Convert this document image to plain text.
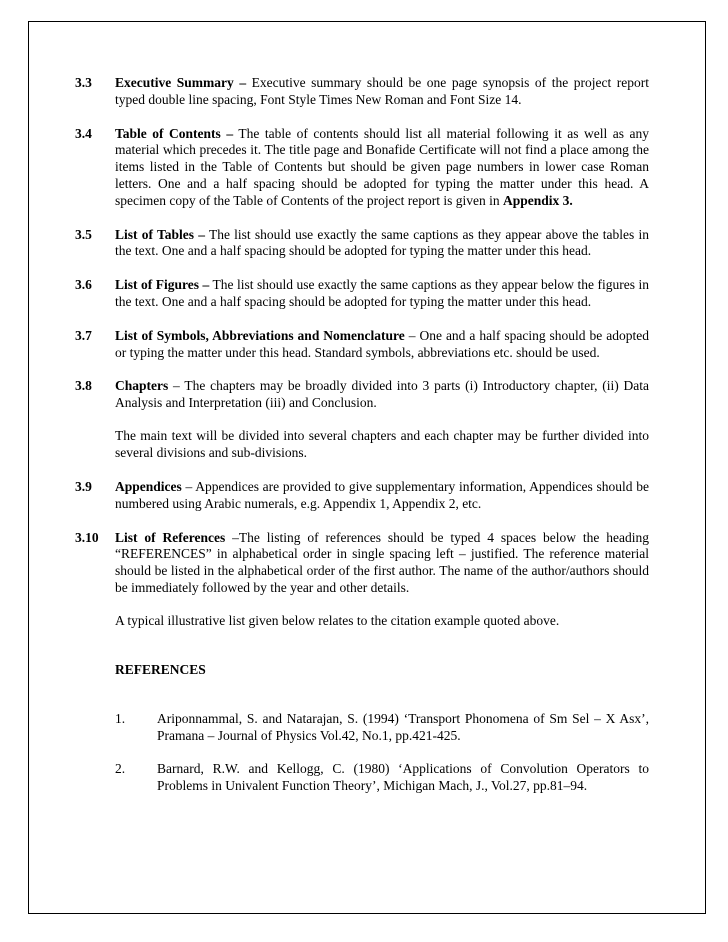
3.3	Executive Summary – Executive summary should be one page synopsis of the project report typed double line spacing, Font Style Times New Roman and Font Size 14.

3.4	Table of Contents – The table of contents should list all material following it as well as any material which precedes it. The title page and Bonafide Certificate will not find a place among the items listed in the Table of Contents but should be given page numbers in lower case Roman letters. One and a half spacing should be adopted for typing the matter under this head. A specimen copy of the Table of Contents of the project report is given in Appendix 3.

3.5	List of Tables – The list should use exactly the same captions as they appear above the tables in the text. One and a half spacing should be adopted for typing the matter under this head.

3.6	List of Figures – The list should use exactly the same captions as they appear below the figures in the text. One and a half spacing should be adopted for typing the matter under this head.

3.7	List of Symbols, Abbreviations and Nomenclature – One and a half spacing should be adopted or typing the matter under this head. Standard symbols, abbreviations etc. should be used.

3.8	Chapters – The chapters may be broadly divided into 3 parts (i) Introductory chapter, (ii) Data Analysis and Interpretation (iii) and Conclusion.

The main text will be divided into several chapters and each chapter may be further divided into several divisions and sub-divisions.

3.9	Appendices – Appendices are provided to give supplementary information, Appendices should be numbered using Arabic numerals, e.g. Appendix 1, Appendix 2, etc.

3.10	List of References –The listing of references should be typed 4 spaces below the heading “REFERENCES” in alphabetical order in single spacing left – justified. The reference material should be listed in the alphabetical order of the first author. The name of the author/authors should be immediately followed by the year and other details.

A typical illustrative list given below relates to the citation example quoted above.

REFERENCES
1.	Ariponnammal, S. and Natarajan, S. (1994) ‘Transport Phonomena of Sm Sel – X Asx’, Pramana – Journal of Physics Vol.42, No.1, pp.421-425.
2.	Barnard, R.W. and Kellogg, C. (1980) ‘Applications of Convolution Operators to Problems in Univalent Function Theory’, Michigan Mach, J., Vol.27, pp.81–94.
